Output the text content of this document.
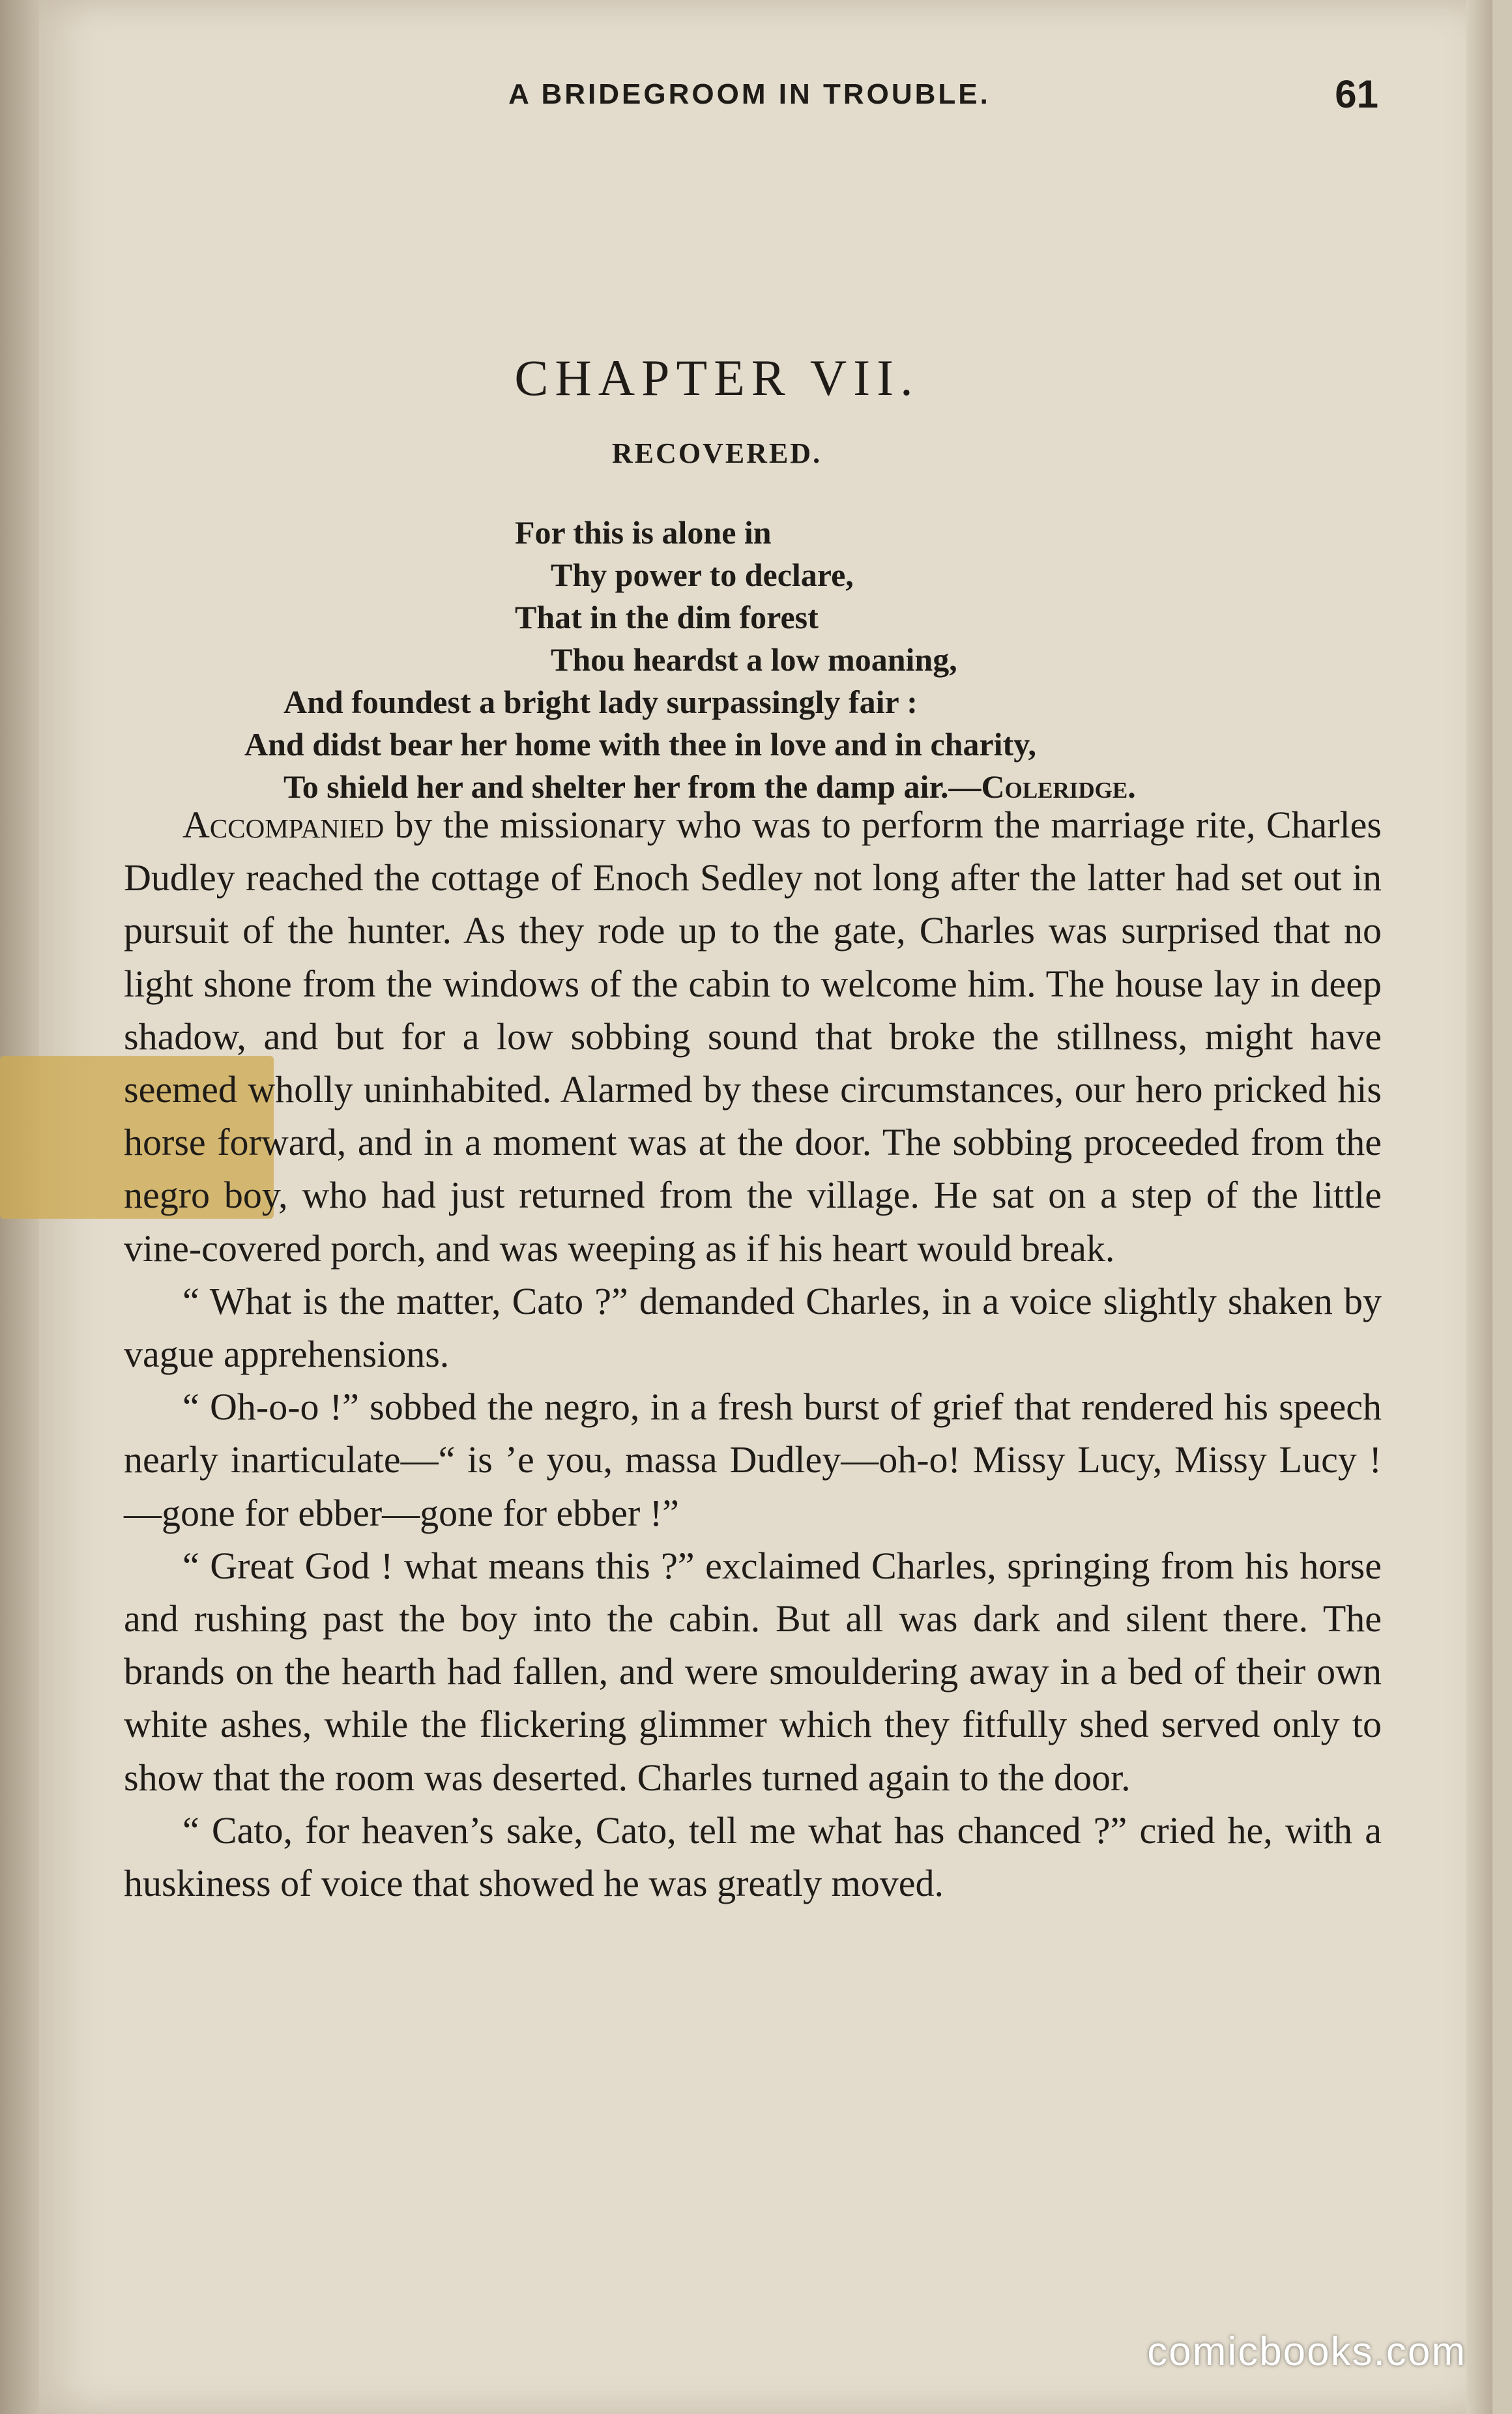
A BRIDEGROOM IN TROUBLE.	61
CHAPTER VII.
RECOVERED.
For this is alone in
Thy power to declare,
That in the dim forest
Thou heardst a low moaning,
And foundest a bright lady surpassingly fair :
And didst bear her home with thee in love and in charity,
To shield her and shelter her from the damp air.—Coleridge.

Accompanied by the missionary who was to perform the marriage rite, Charles Dudley reached the cottage of Enoch Sedley not long after the latter had set out in pursuit of the hunter. As they rode up to the gate, Charles was surprised that no light shone from the windows of the cabin to welcome him. The house lay in deep shadow, and but for a low sobbing sound that broke the stillness, might have seemed wholly uninhabited. Alarmed by these circumstances, our hero pricked his horse forward, and in a moment was at the door. The sobbing proceeded from the negro boy, who had just returned from the village. He sat on a step of the little vine-covered porch, and was weeping as if his heart would break.

“ What is the matter, Cato ?” demanded Charles, in a voice slightly shaken by vague apprehensions.

“ Oh-o-o !” sobbed the negro, in a fresh burst of grief that rendered his speech nearly inarticulate—“ is ’e you, massa Dudley—oh-o! Missy Lucy, Missy Lucy !—gone for ebber—gone for ebber !”

“ Great God ! what means this ?” exclaimed Charles, springing from his horse and rushing past the boy into the cabin. But all was dark and silent there. The brands on the hearth had fallen, and were smouldering away in a bed of their own white ashes, while the flickering glimmer which they fitfully shed served only to show that the room was deserted. Charles turned again to the door.

“ Cato, for heaven’s sake, Cato, tell me what has chanced ?” cried he, with a huskiness of voice that showed he was greatly moved.

comicbooks.com
